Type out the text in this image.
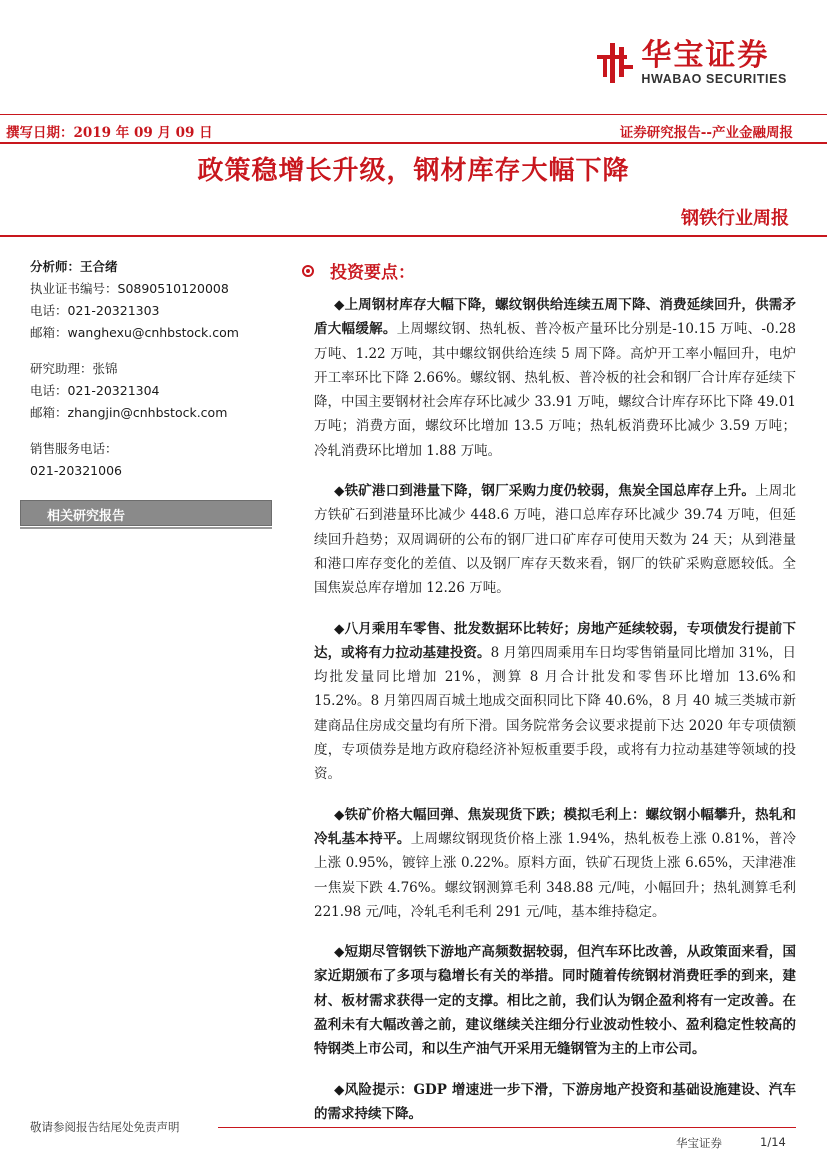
华宝证券
HWABAO SECURITIES
撰写日期：2019 年 09 月 09 日	证券研究报告--产业金融周报
政策稳增长升级，钢材库存大幅下降
钢铁行业周报
分析师：王合绪
执业证书编号：S0890510120008
电话：021-20321303
邮箱：wanghexu@cnhbstock.com
研究助理：张锦
电话：021-20321304
邮箱：zhangjin@cnhbstock.com
销售服务电话：
021-20321006
相关研究报告
投资要点：
◆上周钢材库存大幅下降，螺纹钢供给连续五周下降、消费延续回升，供需矛盾大幅缓解。上周螺纹钢、热轧板、普冷板产量环比分别是-10.15 万吨、-0.28 万吨、1.22 万吨，其中螺纹钢供给连续 5 周下降。高炉开工率小幅回升，电炉开工率环比下降 2.66%。螺纹钢、热轧板、普冷板的社会和钢厂合计库存延续下降，中国主要钢材社会库存环比减少 33.91 万吨，螺纹合计库存环比下降 49.01 万吨；消费方面，螺纹环比增加 13.5 万吨；热轧板消费环比减少 3.59 万吨；冷轧消费环比增加 1.88 万吨。
◆铁矿港口到港量下降，钢厂采购力度仍较弱，焦炭全国总库存上升。上周北方铁矿石到港量环比减少 448.6 万吨，港口总库存环比减少 39.74 万吨，但延续回升趋势；双周调研的公布的钢厂进口矿库存可使用天数为 24 天；从到港量和港口库存变化的差值、以及钢厂库存天数来看，钢厂的铁矿采购意愿较低。全国焦炭总库存增加 12.26 万吨。
◆八月乘用车零售、批发数据环比转好；房地产延续较弱，专项债发行提前下达，或将有力拉动基建投资。8 月第四周乘用车日均零售销量同比增加 31%，日均批发量同比增加 21%，测算 8 月合计批发和零售环比增加 13.6%和 15.2%。8 月第四周百城土地成交面积同比下降 40.6%，8 月 40 城三类城市新建商品住房成交量均有所下滑。国务院常务会议要求提前下达 2020 年专项债额度，专项债券是地方政府稳经济补短板重要手段，或将有力拉动基建等领域的投资。
◆铁矿价格大幅回弹、焦炭现货下跌；模拟毛利上：螺纹钢小幅攀升，热轧和冷轧基本持平。上周螺纹钢现货价格上涨 1.94%，热轧板卷上涨 0.81%，普冷上涨 0.95%，镀锌上涨 0.22%。原料方面，铁矿石现货上涨 6.65%，天津港准一焦炭下跌 4.76%。螺纹钢测算毛利 348.88 元/吨，小幅回升；热轧测算毛利 221.98 元/吨，冷轧毛利毛利 291 元/吨，基本维持稳定。
◆短期尽管钢铁下游地产高频数据较弱，但汽车环比改善，从政策面来看，国家近期颁布了多项与稳增长有关的举措。同时随着传统钢材消费旺季的到来，建材、板材需求获得一定的支撑。相比之前，我们认为钢企盈利将有一定改善。在盈利未有大幅改善之前，建议继续关注细分行业波动性较小、盈利稳定性较高的特钢类上市公司，和以生产油气开采用无缝钢管为主的上市公司。
◆风险提示：GDP 增速进一步下滑，下游房地产投资和基础设施建设、汽车的需求持续下降。
敬请参阅报告结尾处免责声明
华宝证券	1/14
